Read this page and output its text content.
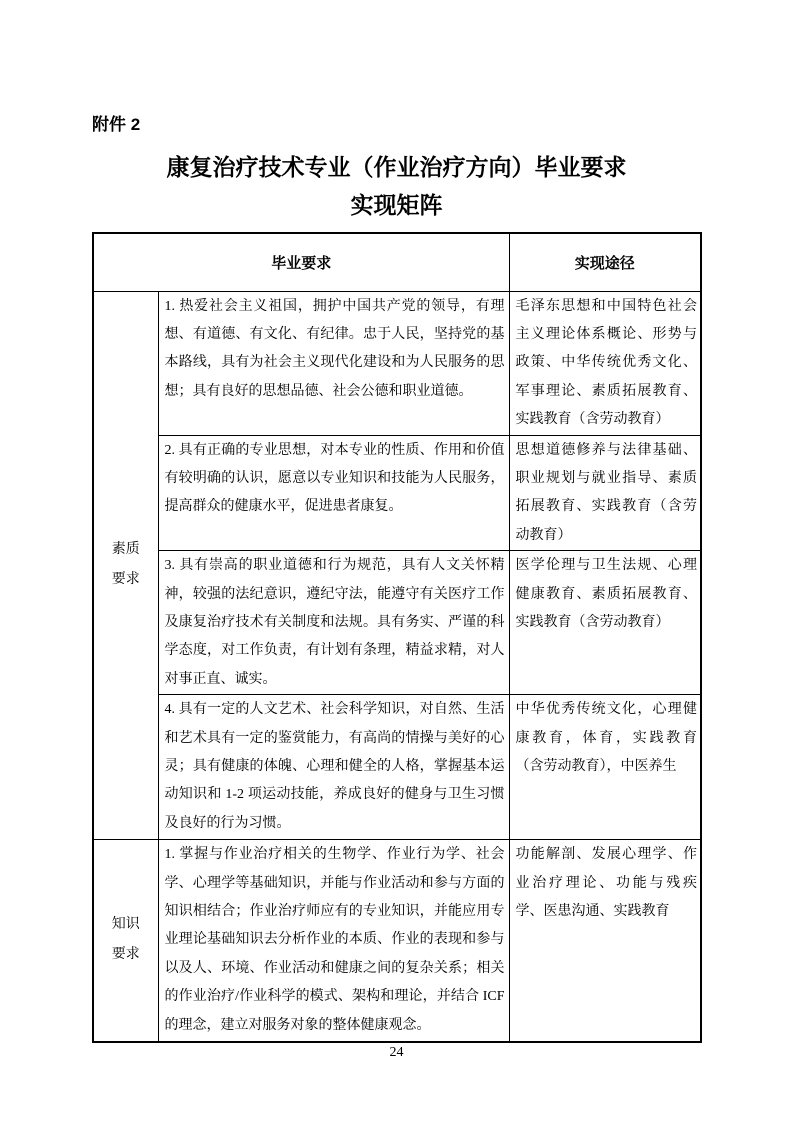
附件 2
康复治疗技术专业（作业治疗方向）毕业要求
实现矩阵
毕业要求		实现途径
素质要求	1. 热爱社会主义祖国，拥护中国共产党的领导，有理想、有道德、有文化、有纪律。忠于人民，坚持党的基本路线，具有为社会主义现代化建设和为人民服务的思想；具有良好的思想品德、社会公德和职业道德。	毛泽东思想和中国特色社会主义理论体系概论、形势与政策、中华传统优秀文化、军事理论、素质拓展教育、实践教育（含劳动教育）
	2. 具有正确的专业思想，对本专业的性质、作用和价值有较明确的认识，愿意以专业知识和技能为人民服务，提高群众的健康水平，促进患者康复。	思想道德修养与法律基础、职业规划与就业指导、素质拓展教育、实践教育（含劳动教育）
	3. 具有崇高的职业道德和行为规范，具有人文关怀精神，较强的法纪意识，遵纪守法，能遵守有关医疗工作及康复治疗技术有关制度和法规。具有务实、严谨的科学态度，对工作负责，有计划有条理，精益求精，对人对事正直、诚实。	医学伦理与卫生法规、心理健康教育、素质拓展教育、实践教育（含劳动教育）
	4. 具有一定的人文艺术、社会科学知识，对自然、生活和艺术具有一定的鉴赏能力，有高尚的情操与美好的心灵；具有健康的体魄、心理和健全的人格，掌握基本运动知识和 1-2 项运动技能，养成良好的健身与卫生习惯及良好的行为习惯。	中华优秀传统文化，心理健康教育，体育，实践教育（含劳动教育），中医养生
知识要求	1. 掌握与作业治疗相关的生物学、作业行为学、社会学、心理学等基础知识，并能与作业活动和参与方面的知识相结合；作业治疗师应有的专业知识，并能应用专业理论基础知识去分析作业的本质、作业的表现和参与以及人、环境、作业活动和健康之间的复杂关系；相关的作业治疗/作业科学的模式、架构和理论，并结合 ICF 的理念，建立对服务对象的整体健康观念。	功能解剖、发展心理学、作业治疗理论、功能与残疾学、医患沟通、实践教育
24
